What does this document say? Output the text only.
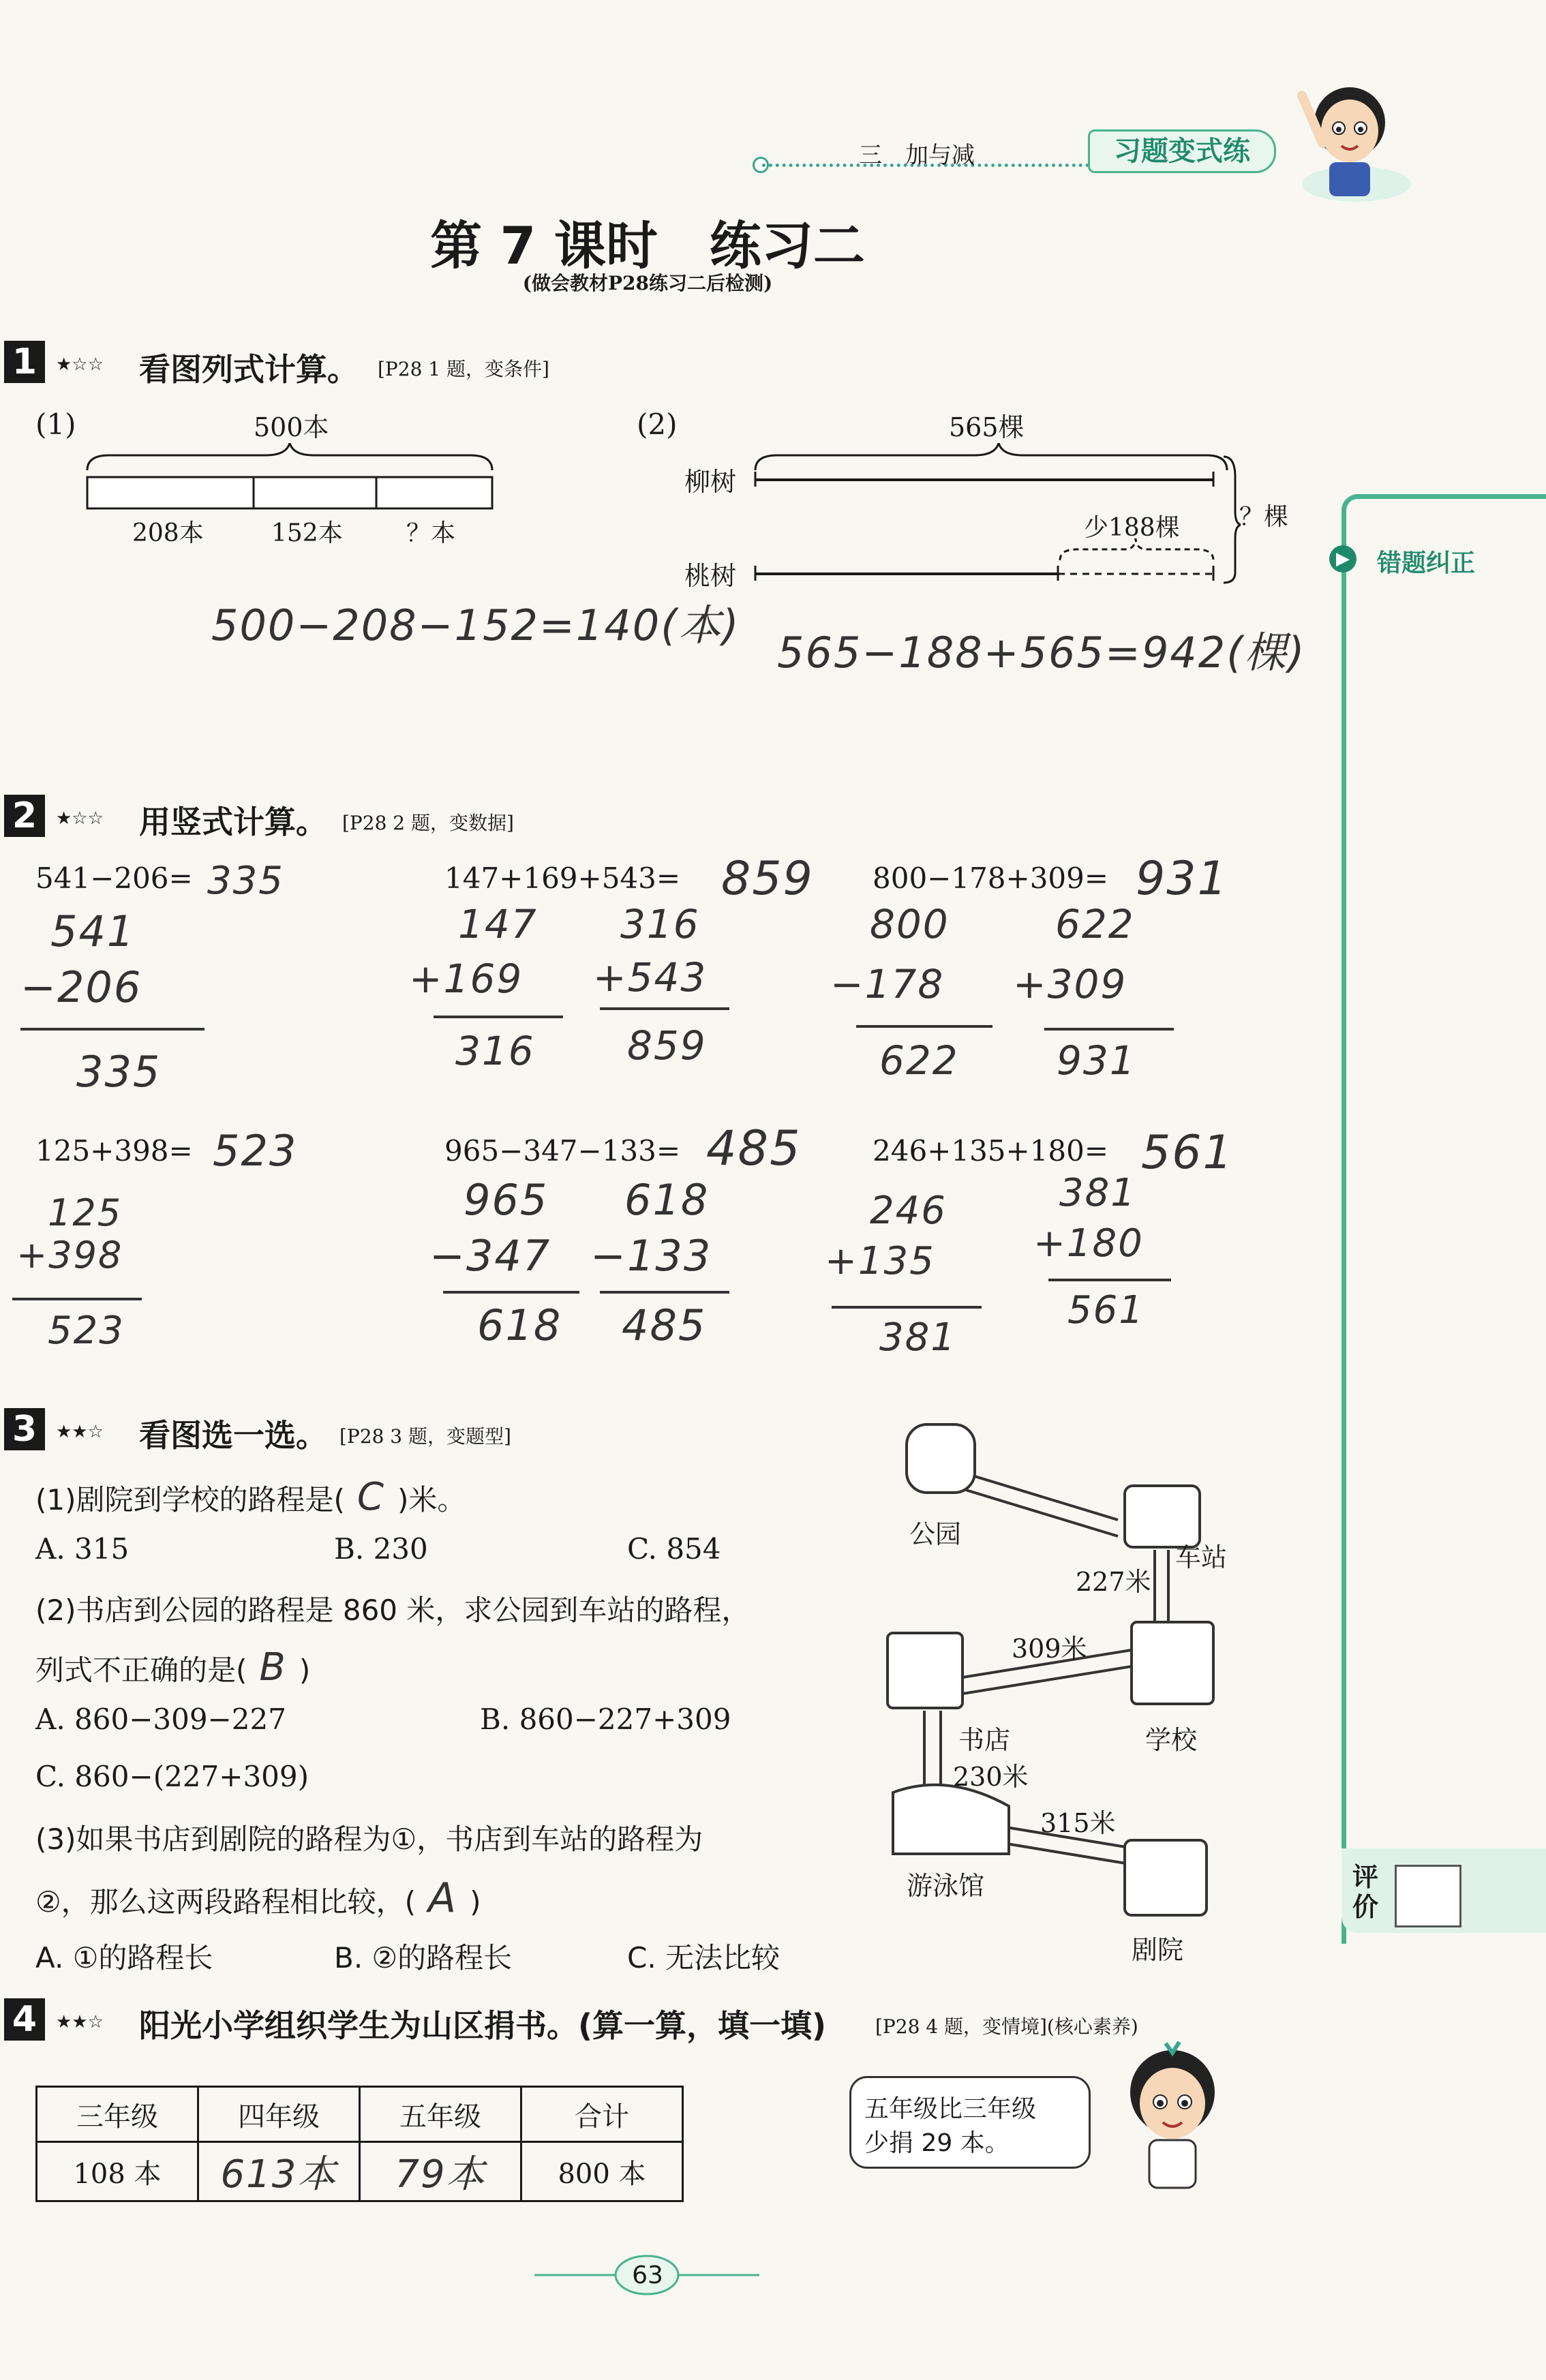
三　加与减	习题变式练
第 7 课时　练习二
(做会教材P28练习二后检测)
▶ 错题纠正
评价
1	★☆☆ 看图列式计算。 [P28 1 题，变条件]
(1)	500本
208本	152本	？本
(2)	565棵
柳树
桃树
少188棵 ？棵
500−208−152=140(本)
565−188+565=942(棵)
2	★☆☆ 用竖式计算。 [P28 2 题，变数据]
541−206= 335
541
−206
335
147+169+543= 859
147
+169
316
316
+543
859
800−178+309= 931
800
−178
622
622
+309
931
125+398= 523
125
+398
523
965−347−133= 485
965
−347
618
618
−133
485
246+135+180= 561
246
+135
381
381
+180
561
3	★★☆ 看图选一选。 [P28 3 题，变题型]
(1)剧院到学校的路程是( C )米。
A. 315	B. 230	C. 854
(2)书店到公园的路程是 860 米，求公园到车站的路程，
列式不正确的是( B )
A. 860−309−227	B. 860−227+309
C. 860−(227+309)
(3)如果书店到剧院的路程为①，书店到车站的路程为
②，那么这两段路程相比较，( A )
A. ①的路程长	B. ②的路程长	C. 无法比较
公园
车站
227米
309米
书店	学校
230米
315米
游泳馆
剧院
4	★★☆ 阳光小学组织学生为山区捐书。(算一算，填一填)	[P28 4 题，变情境](核心素养)
三年级	四年级	五年级	合计
108 本	613本	79本	800 本
五年级比三年级
少捐 29 本。
63
